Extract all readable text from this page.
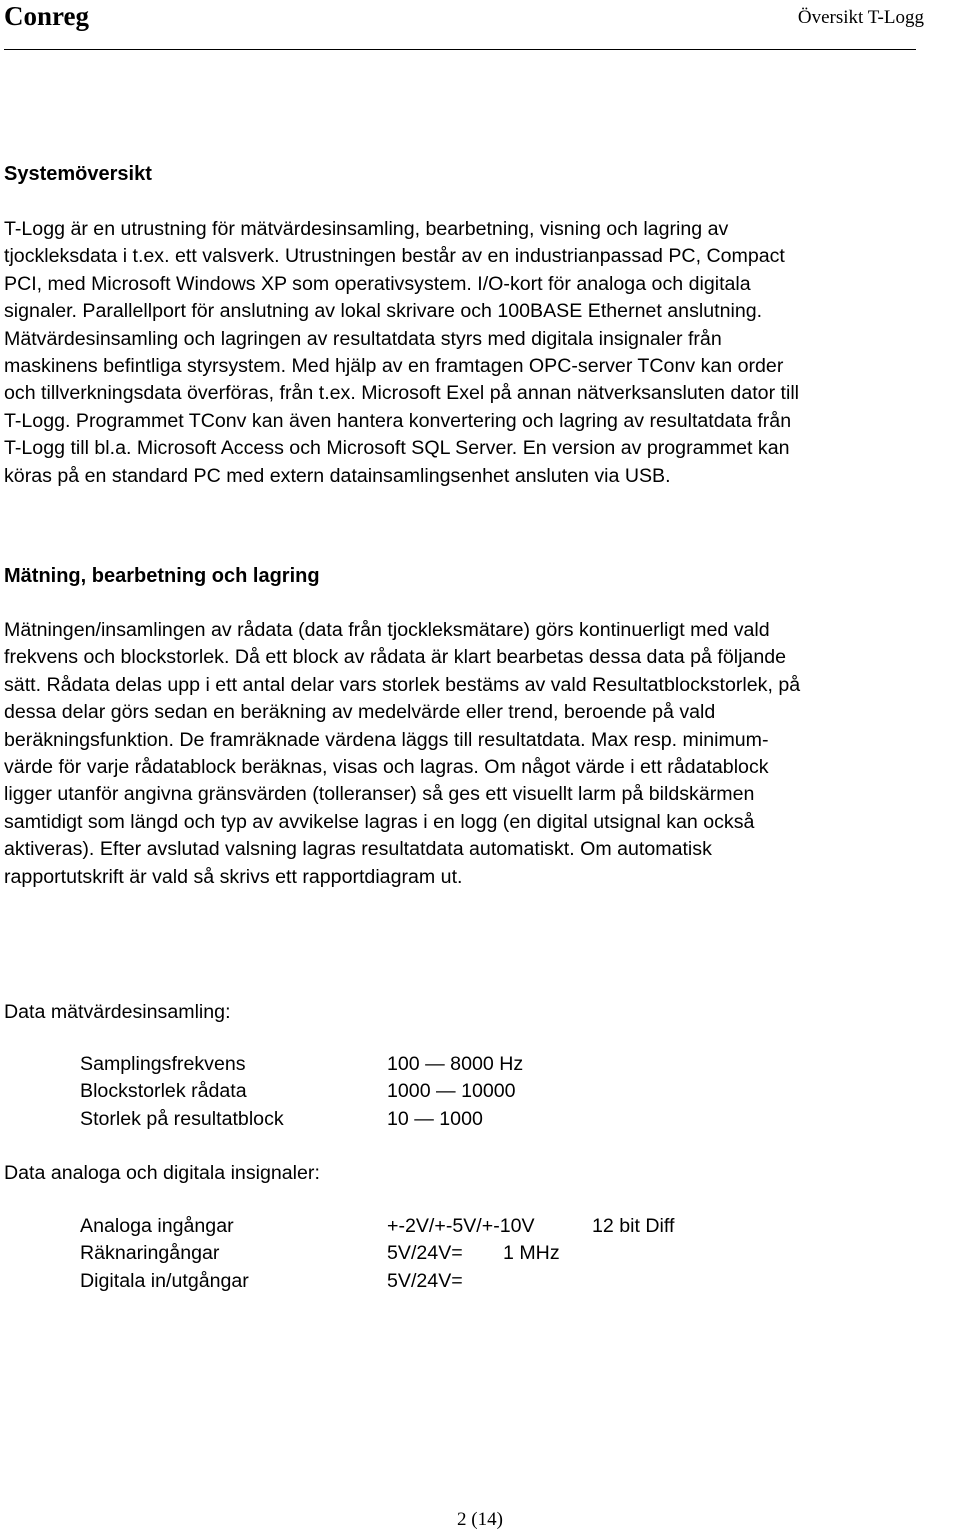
Conreg	Översikt T-Logg
Systemöversikt
T-Logg är en utrustning för mätvärdesinsamling, bearbetning, visning och lagring av
tjockleksdata i t.ex. ett valsverk. Utrustningen består av en industrianpassad PC, Compact
PCI, med Microsoft Windows XP som operativsystem. I/O-kort för analoga och digitala
signaler. Parallellport för anslutning av lokal skrivare och 100BASE Ethernet anslutning.
Mätvärdesinsamling och lagringen av resultatdata styrs med digitala insignaler från
maskinens befintliga styrsystem. Med hjälp av en framtagen OPC-server TConv kan order
och tillverkningsdata överföras, från t.ex. Microsoft Exel på annan nätverksansluten dator till
T-Logg. Programmet TConv kan även hantera konvertering och lagring av resultatdata från
T-Logg till bl.a. Microsoft Access och Microsoft SQL Server. En version av programmet kan
köras på en standard PC med extern datainsamlingsenhet ansluten via USB.
Mätning, bearbetning och lagring
Mätningen/insamlingen av rådata (data från tjockleksmätare) görs kontinuerligt med vald
frekvens och blockstorlek. Då ett block av rådata är klart bearbetas dessa data på följande
sätt. Rådata delas upp i ett antal delar vars storlek bestäms av vald Resultatblockstorlek, på
dessa delar görs sedan en beräkning av medelvärde eller trend, beroende på vald
beräkningsfunktion. De framräknade värdena läggs till resultatdata. Max resp. minimum-
värde för varje rådatablock beräknas, visas och lagras. Om något värde i ett rådatablock
ligger utanför angivna gränsvärden (tolleranser) så ges ett visuellt larm på bildskärmen
samtidigt som längd och typ av avvikelse lagras i en logg (en digital utsignal kan också
aktiveras). Efter avslutad valsning lagras resultatdata automatiskt. Om automatisk
rapportutskrift är vald så skrivs ett rapportdiagram ut.
Data mätvärdesinsamling:
Samplingsfrekvens	100 — 8000 Hz
Blockstorlek rådata	1000 — 10000
Storlek på resultatblock	10 — 1000
Data analoga och digitala insignaler:
Analoga ingångar	+-2V/+-5V/+-10V	12 bit Diff
Räknaringångar	5V/24V= 1 MHz
Digitala in/utgångar	5V/24V=
2 (14)
